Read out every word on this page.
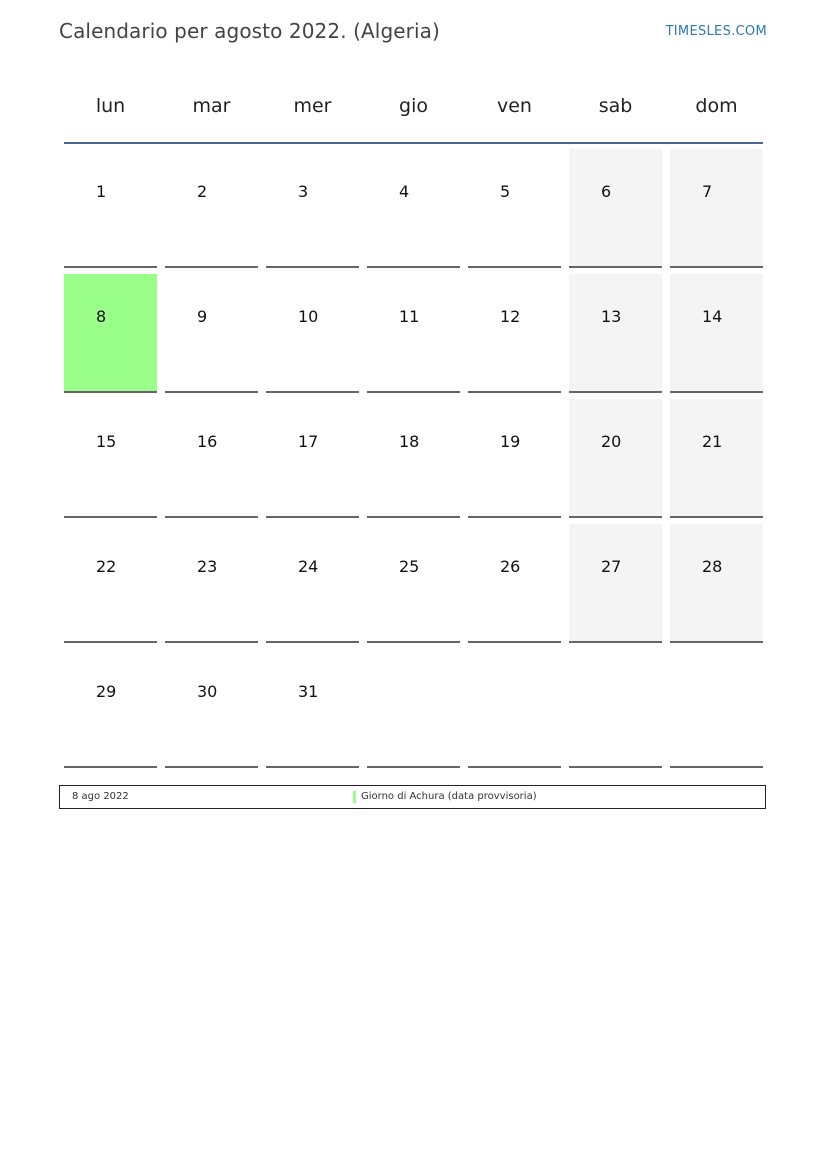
Calendario per agosto 2022. (Algeria)	TIMESLES.COM
lun	mar	mer	gio	ven	sab	dom
1	2	3	4	5	6	7
8	9	10	11	12	13	14
15	16	17	18	19	20	21
22	23	24	25	26	27	28
29	30	31
8 ago 2022	Giorno di Achura (data provvisoria)
